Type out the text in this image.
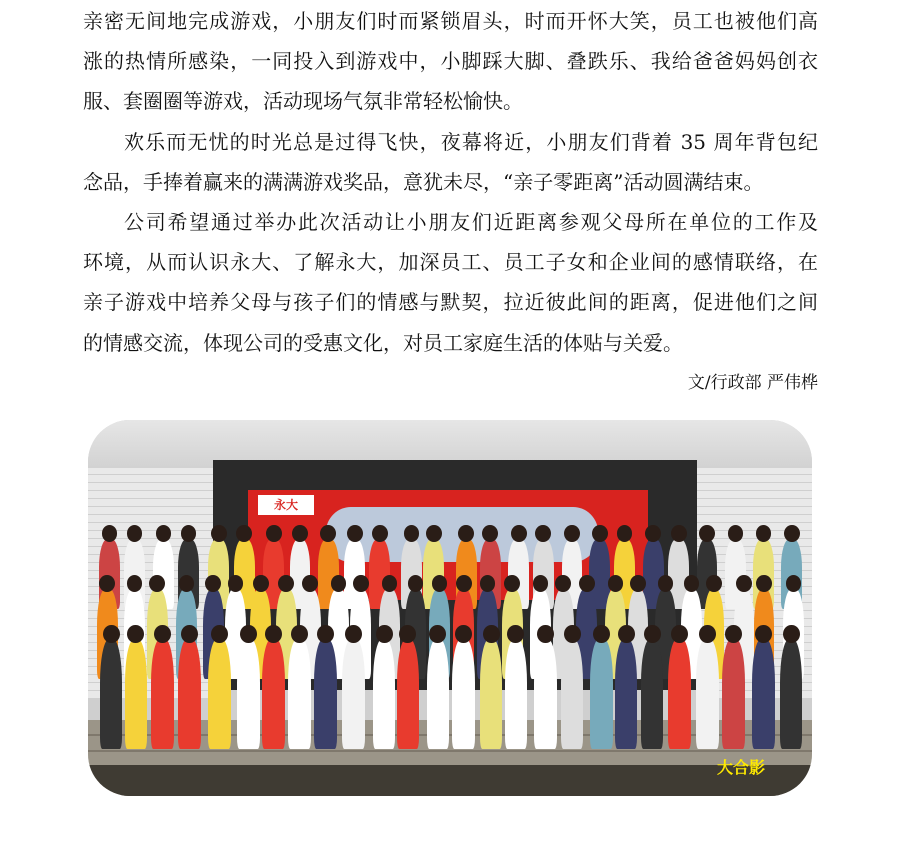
亲密无间地完成游戏，小朋友们时而紧锁眉头，时而开怀大笑，员工也被他们高
涨的热情所感染，一同投入到游戏中，小脚踩大脚、叠跌乐、我给爸爸妈妈创衣
服、套圈圈等游戏，活动现场气氛非常轻松愉快。
欢乐而无忧的时光总是过得飞快，夜幕将近，小朋友们背着 35 周年背包纪
念品，手捧着赢来的满满游戏奖品，意犹未尽，“亲子零距离”活动圆满结束。
公司希望通过举办此次活动让小朋友们近距离参观父母所在单位的工作及
环境，从而认识永大、了解永大，加深员工、员工子女和企业间的感情联络，在
亲子游戏中培养父母与孩子们的情感与默契，拉近彼此间的距离，促进他们之间
的情感交流，体现公司的受惠文化，对员工家庭生活的体贴与关爱。
文/行政部 严伟桦
永大
大合影
